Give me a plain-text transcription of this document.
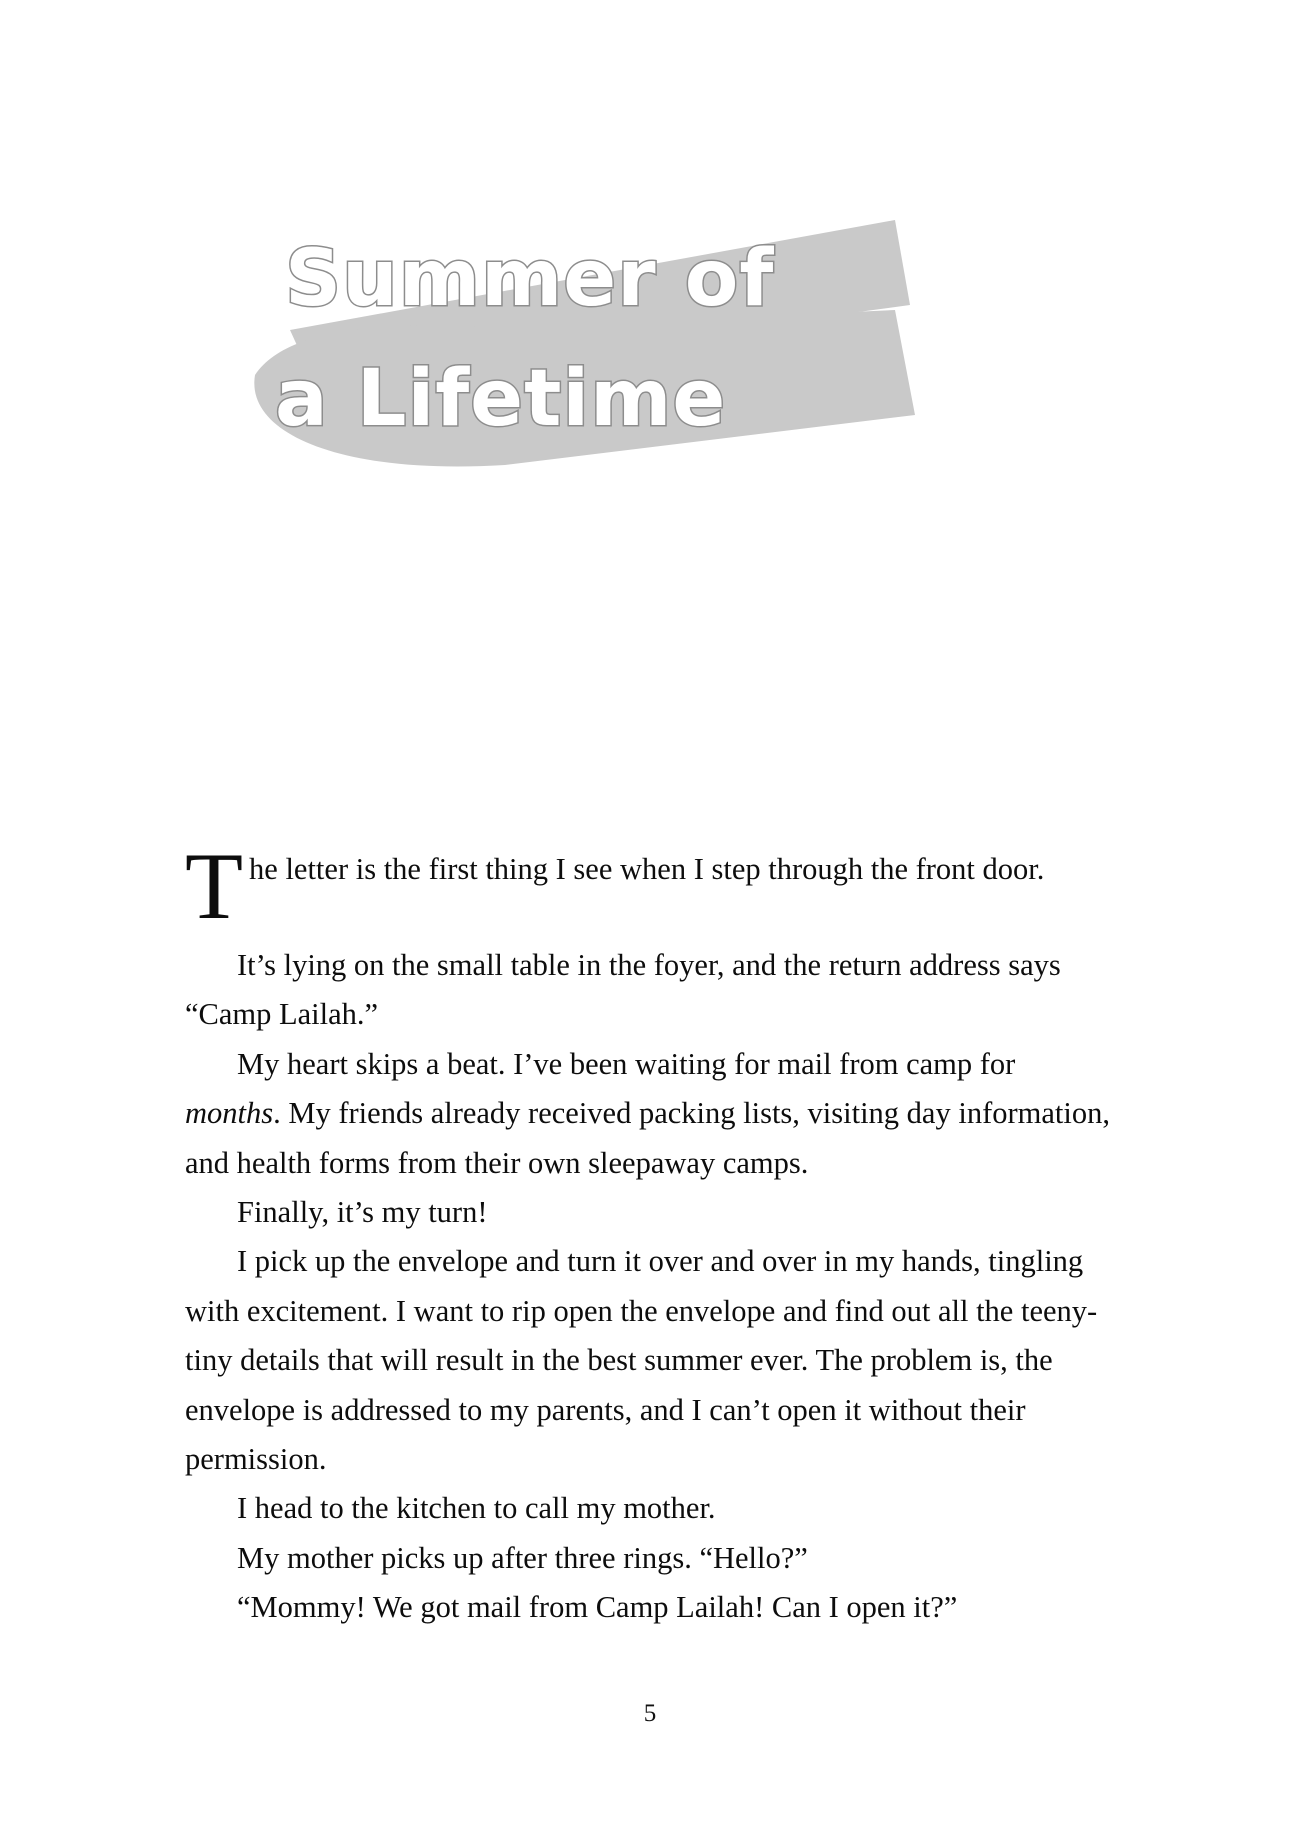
Summer of
a Lifetime

The letter is the first thing I see when I step through the front door.

It’s lying on the small table in the foyer, and the return address says “Camp Lailah.”

My heart skips a beat. I’ve been waiting for mail from camp for months. My friends already received packing lists, visiting day information, and health forms from their own sleepaway camps.

Finally, it’s my turn!

I pick up the envelope and turn it over and over in my hands, tingling with excitement. I want to rip open the envelope and find out all the teeny-tiny details that will result in the best summer ever. The problem is, the envelope is addressed to my parents, and I can’t open it without their permission.

I head to the kitchen to call my mother.

My mother picks up after three rings. “Hello?”

“Mommy! We got mail from Camp Lailah! Can I open it?”

5
